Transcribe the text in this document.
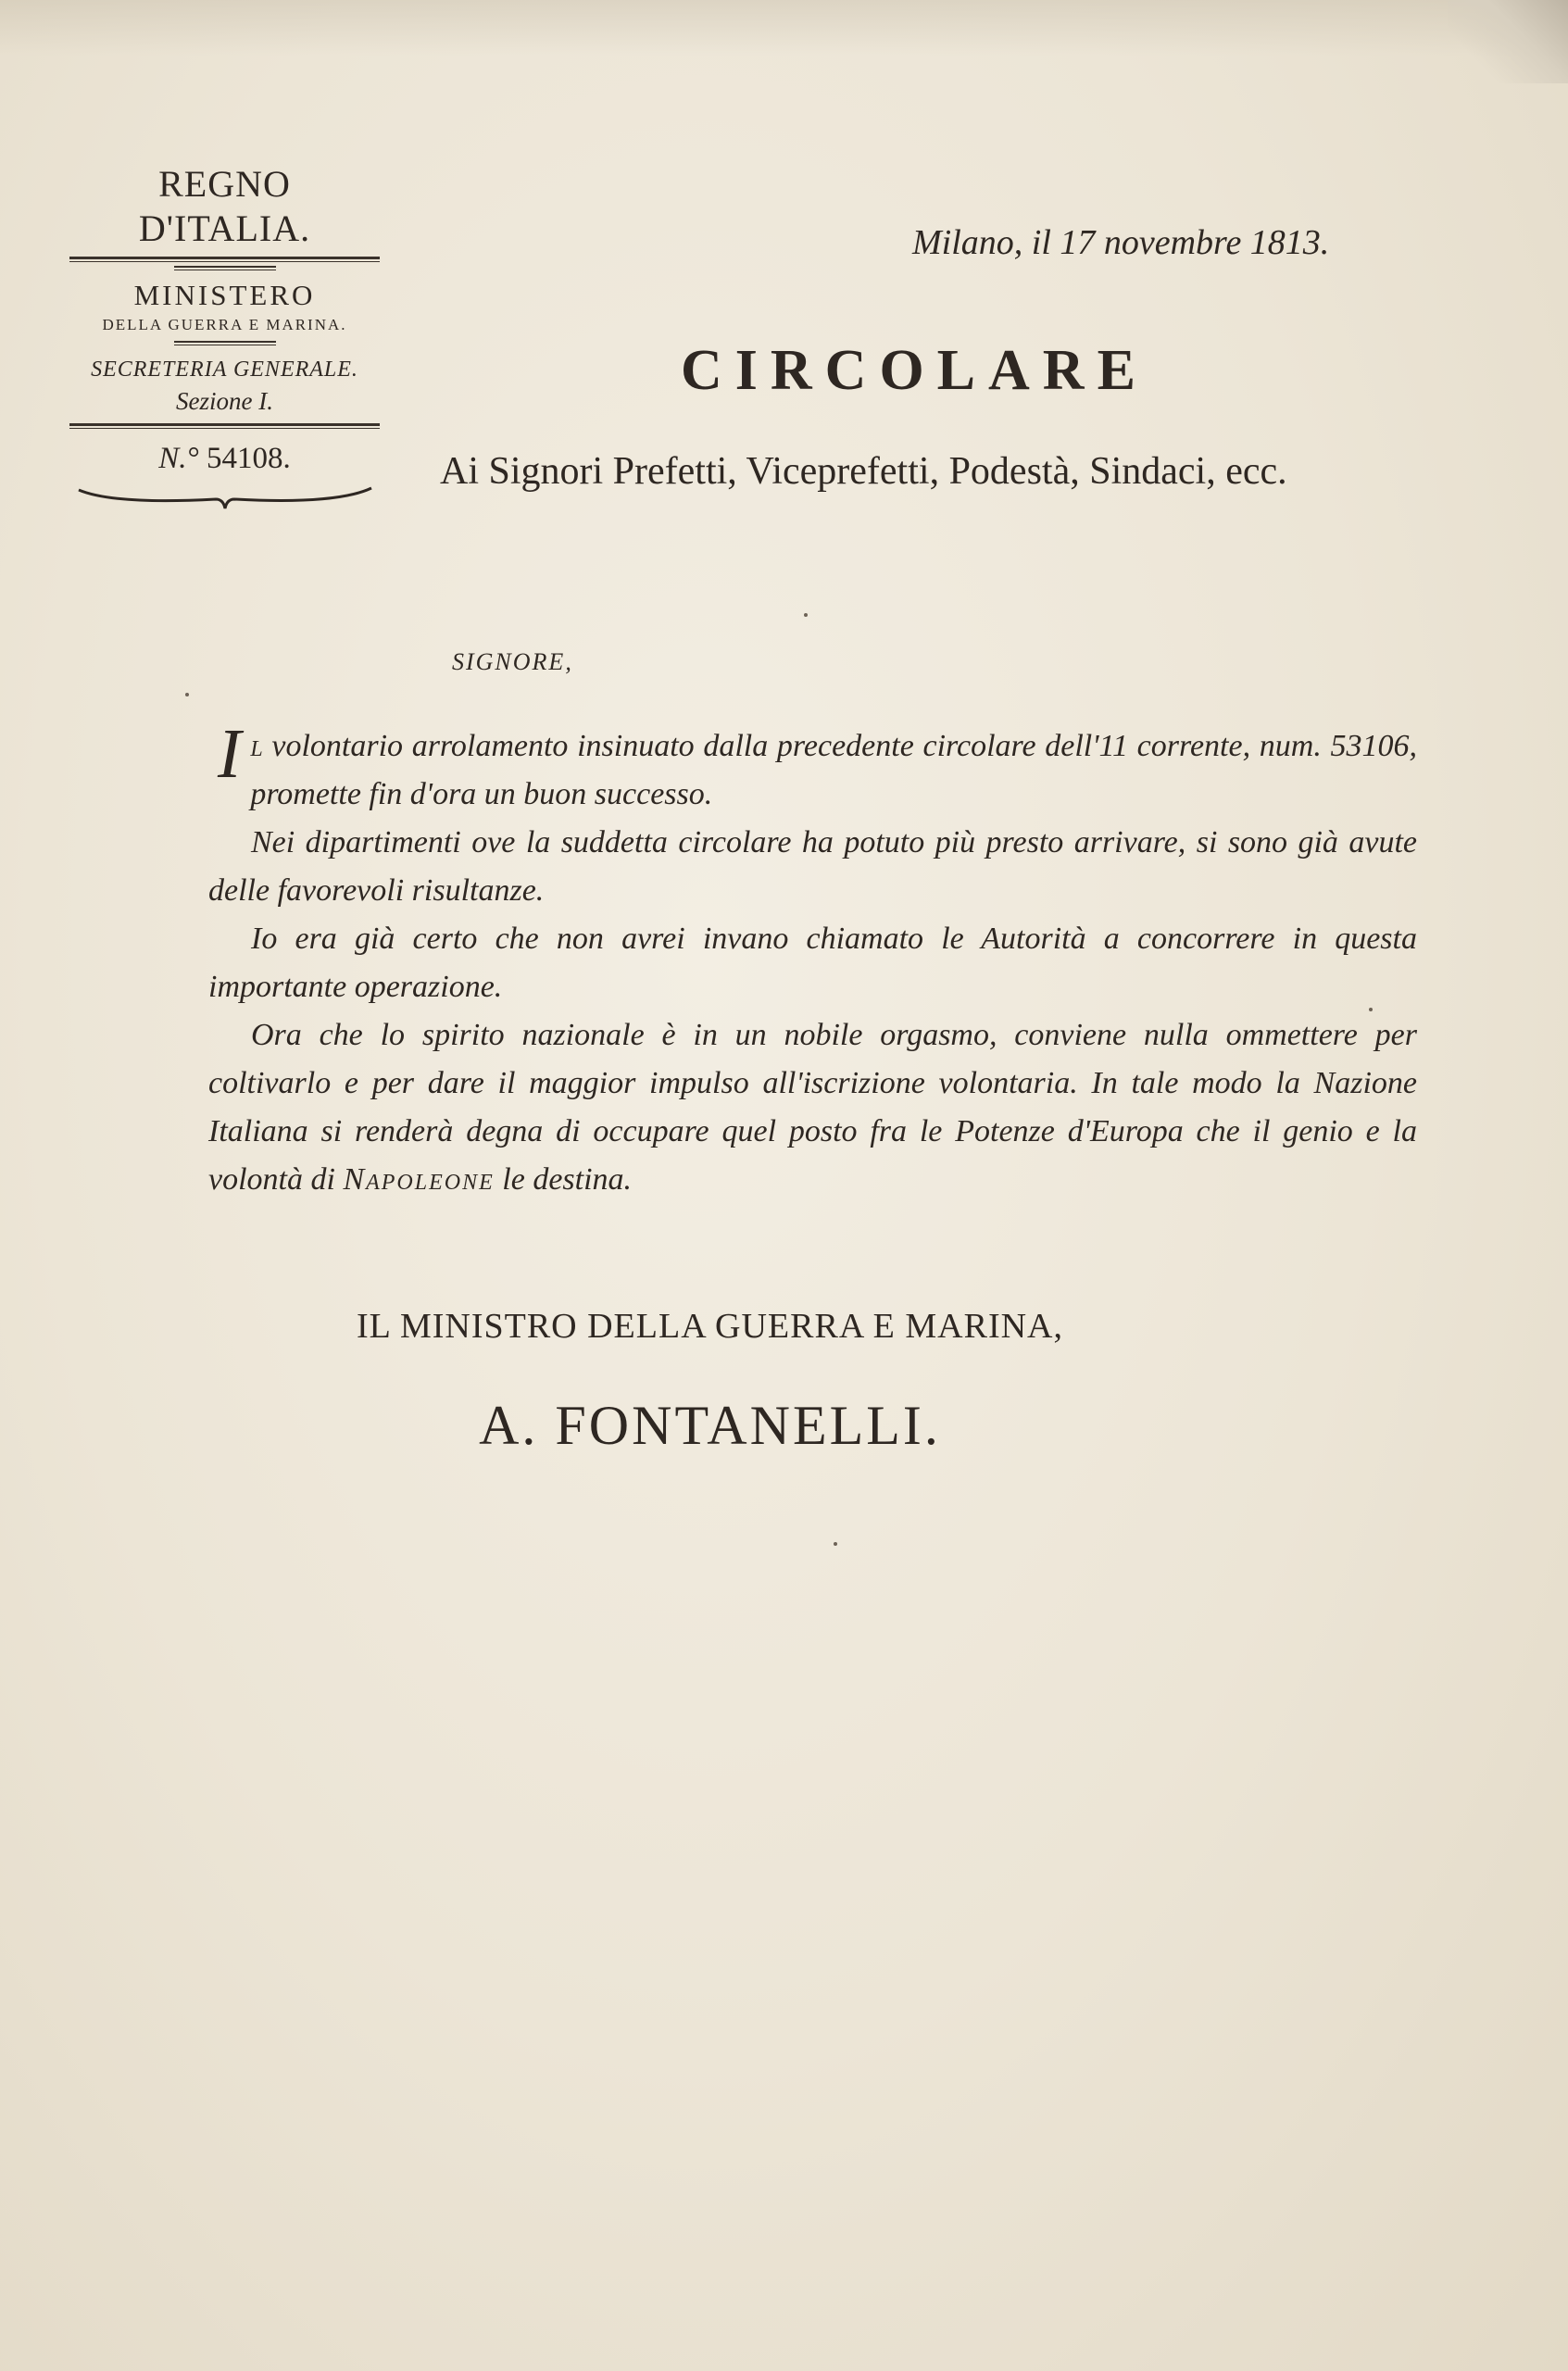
REGNO D'ITALIA.
MINISTERO
DELLA GUERRA E MARINA.
SECRETERIA GENERALE.
Sezione I.
N.° 54108.
Milano, il 17 novembre 1813.
CIRCOLARE
Ai Signori Prefetti, Viceprefetti, Podestà, Sindaci, ecc.
SIGNORE,

Il volontario arrolamento insinuato dalla precedente circolare dell'11 corrente, num. 53106, promette fin d'ora un buon successo.

Nei dipartimenti ove la suddetta circolare ha potuto più presto arrivare, si sono già avute delle favorevoli risultanze.

Io era già certo che non avrei invano chiamato le Autorità a concorrere in questa importante operazione.

Ora che lo spirito nazionale è in un nobile orgasmo, conviene nulla ommettere per coltivarlo e per dare il maggior impulso all'iscrizione volontaria. In tale modo la Nazione Italiana si renderà degna di occupare quel posto fra le Potenze d'Europa che il genio e la volontà di Napoleone le destina.

IL MINISTRO DELLA GUERRA E MARINA,
A. FONTANELLI.
